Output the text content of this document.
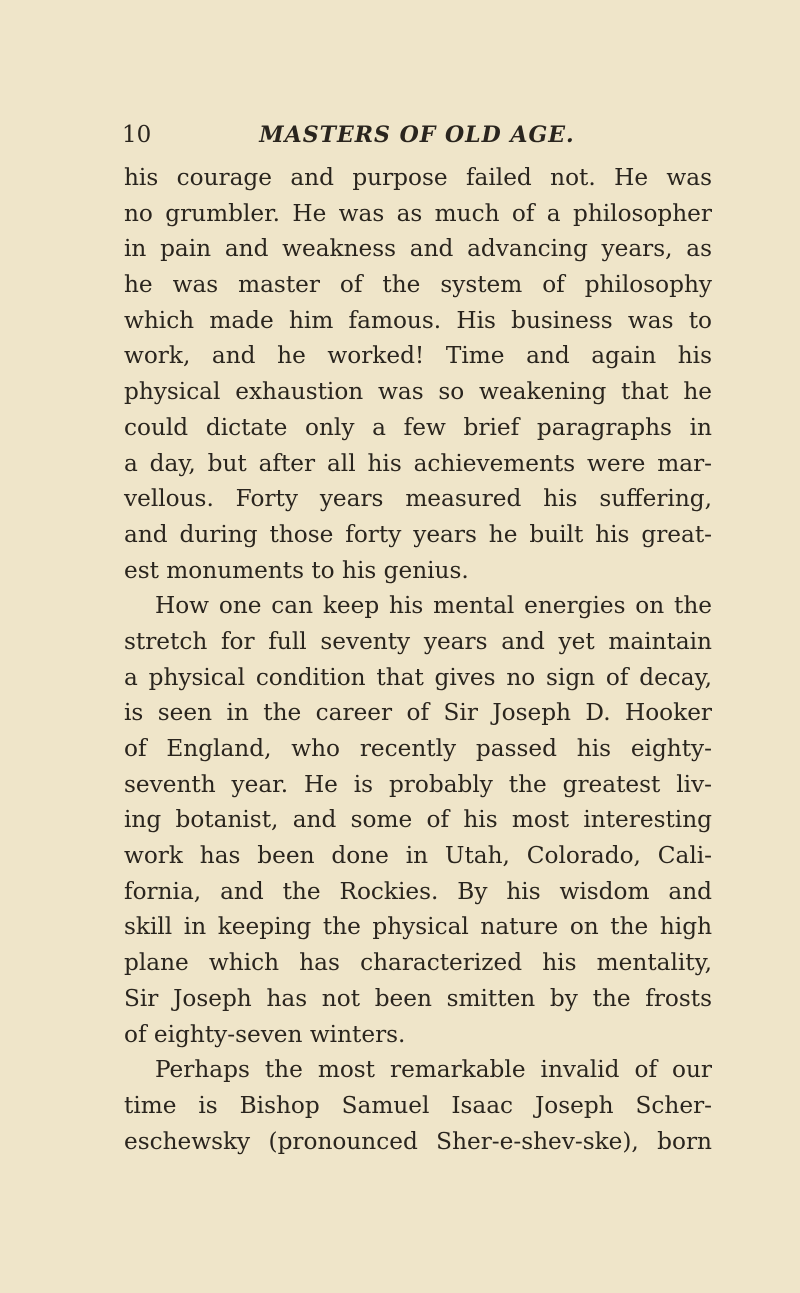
10	MASTERS OF OLD AGE.
his courage and purpose failed not. He was
no grumbler. He was as much of a philosopher
in pain and weakness and advancing years, as
he was master of the system of philosophy
which made him famous. His business was to
work, and he worked! Time and again his
physical exhaustion was so weakening that he
could dictate only a few brief paragraphs in
a day, but after all his achievements were mar-
vellous. Forty years measured his suffering,
and during those forty years he built his great-
est monuments to his genius.
How one can keep his mental energies on the
stretch for full seventy years and yet maintain
a physical condition that gives no sign of decay,
is seen in the career of Sir Joseph D. Hooker
of England, who recently passed his eighty-
seventh year. He is probably the greatest liv-
ing botanist, and some of his most interesting
work has been done in Utah, Colorado, Cali-
fornia, and the Rockies. By his wisdom and
skill in keeping the physical nature on the high
plane which has characterized his mentality,
Sir Joseph has not been smitten by the frosts
of eighty-seven winters.
Perhaps the most remarkable invalid of our
time is Bishop Samuel Isaac Joseph Scher-
eschewsky (pronounced Sher-e-shev-ske), born
